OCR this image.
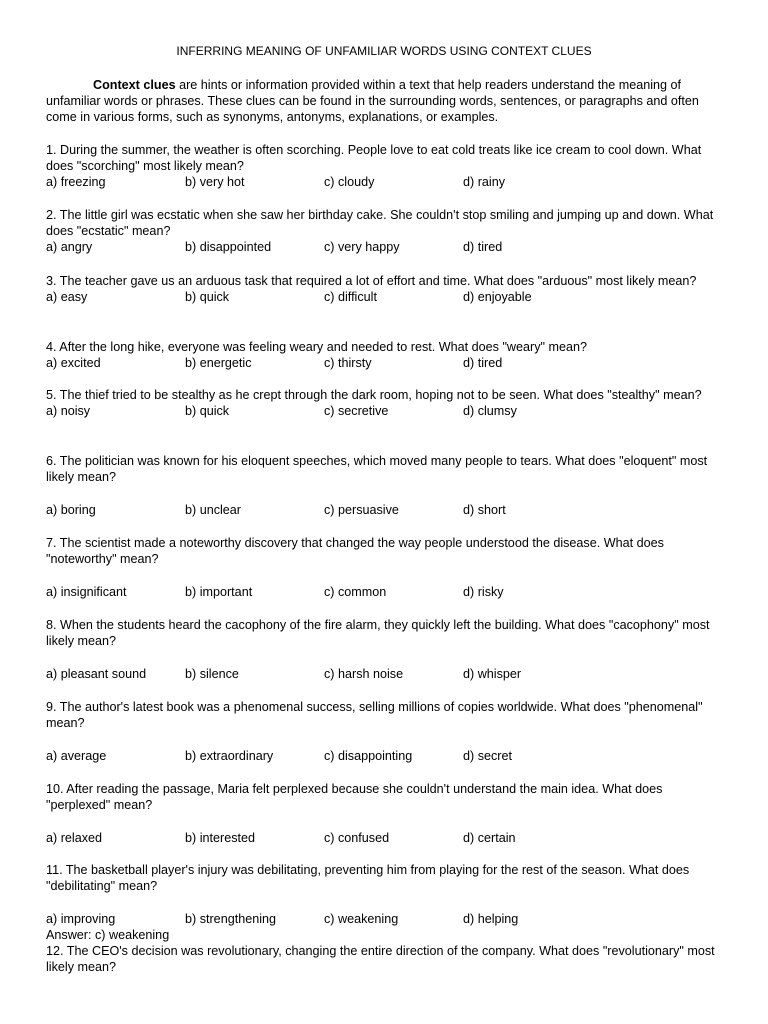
INFERRING MEANING OF UNFAMILIAR WORDS USING CONTEXT CLUES
Context clues are hints or information provided within a text that help readers understand the meaning of unfamiliar words or phrases. These clues can be found in the surrounding words, sentences, or paragraphs and often come in various forms, such as synonyms, antonyms, explanations, or examples.
1. During the summer, the weather is often scorching. People love to eat cold treats like ice cream to cool down. What does "scorching" most likely mean?
a) freezing	b) very hot	c) cloudy	d) rainy
2. The little girl was ecstatic when she saw her birthday cake. She couldn't stop smiling and jumping up and down. What does "ecstatic" mean?
a) angry	b) disappointed	c) very happy	d) tired
3. The teacher gave us an arduous task that required a lot of effort and time. What does "arduous" most likely mean?
a) easy	b) quick	c) difficult	d) enjoyable
4. After the long hike, everyone was feeling weary and needed to rest. What does "weary" mean?
a) excited	b) energetic	c) thirsty	d) tired
5. The thief tried to be stealthy as he crept through the dark room, hoping not to be seen. What does "stealthy" mean?
a) noisy	b) quick	c) secretive	d) clumsy
6. The politician was known for his eloquent speeches, which moved many people to tears. What does "eloquent" most likely mean?
a) boring	b) unclear	c) persuasive	d) short
7. The scientist made a noteworthy discovery that changed the way people understood the disease. What does "noteworthy" mean?
a) insignificant	b) important	c) common	d) risky
8. When the students heard the cacophony of the fire alarm, they quickly left the building. What does "cacophony" most likely mean?
a) pleasant sound	b) silence	c) harsh noise	d) whisper
9. The author's latest book was a phenomenal success, selling millions of copies worldwide. What does "phenomenal" mean?
a) average	b) extraordinary	c) disappointing	d) secret
10. After reading the passage, Maria felt perplexed because she couldn't understand the main idea. What does "perplexed" mean?
a) relaxed	b) interested	c) confused	d) certain
11. The basketball player's injury was debilitating, preventing him from playing for the rest of the season. What does "debilitating" mean?
a) improving	b) strengthening	c) weakening	d) helping
Answer: c) weakening
12. The CEO's decision was revolutionary, changing the entire direction of the company. What does "revolutionary" most likely mean?
